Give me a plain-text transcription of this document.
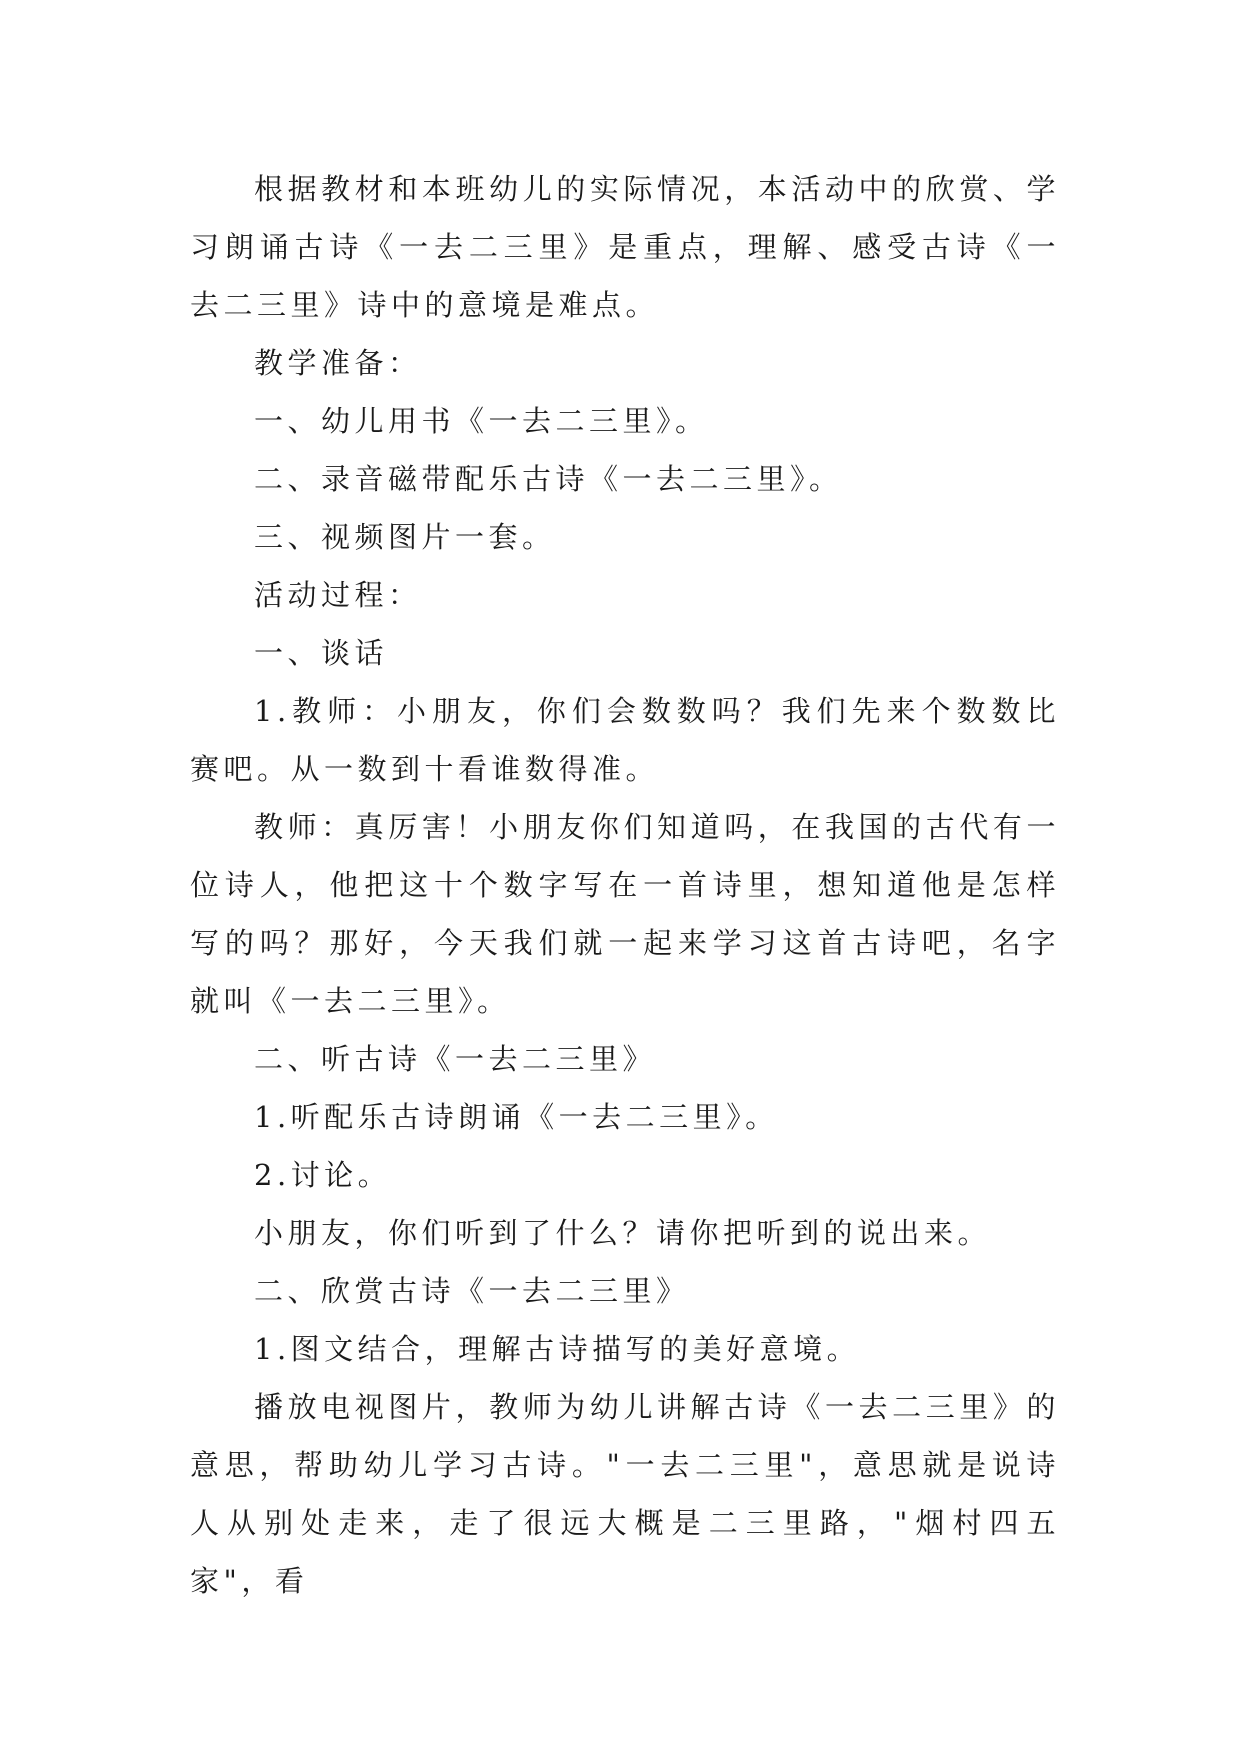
根据教材和本班幼儿的实际情况，本活动中的欣赏、学习朗诵古诗《一去二三里》是重点，理解、感受古诗《一去二三里》诗中的意境是难点。

教学准备：

一、幼儿用书《一去二三里》。

二、录音磁带配乐古诗《一去二三里》。

三、视频图片一套。

活动过程：

一、谈话

1.教师：小朋友，你们会数数吗？我们先来个数数比赛吧。从一数到十看谁数得准。

教师：真厉害！小朋友你们知道吗，在我国的古代有一位诗人，他把这十个数字写在一首诗里，想知道他是怎样写的吗？那好，今天我们就一起来学习这首古诗吧，名字就叫《一去二三里》。

二、听古诗《一去二三里》

1.听配乐古诗朗诵《一去二三里》。

2.讨论。

小朋友，你们听到了什么？请你把听到的说出来。

二、欣赏古诗《一去二三里》

1.图文结合，理解古诗描写的美好意境。

播放电视图片，教师为幼儿讲解古诗《一去二三里》的意思，帮助幼儿学习古诗。"一去二三里"，意思就是说诗人从别处走来，走了很远大概是二三里路，"烟村四五家"，看
